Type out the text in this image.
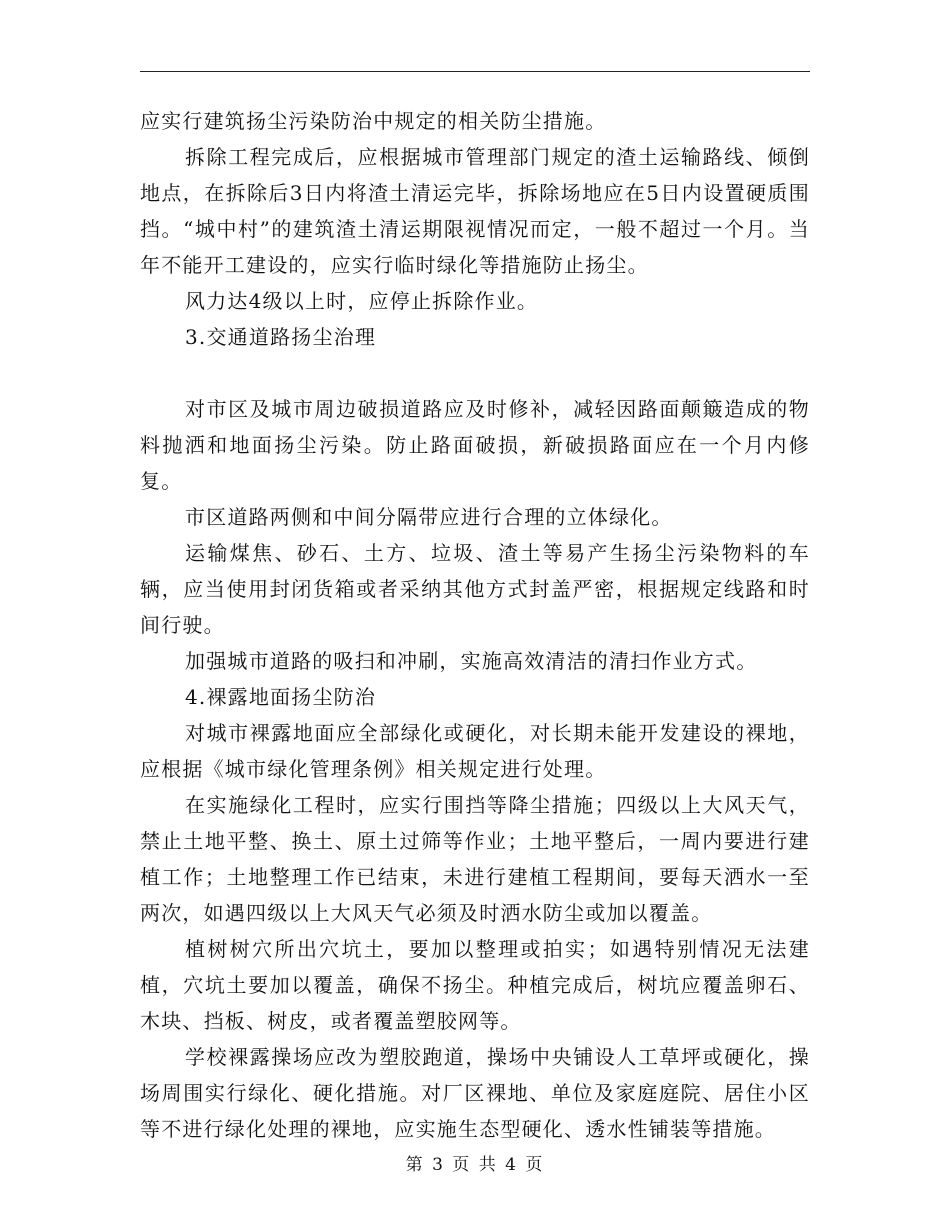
应实行建筑扬尘污染防治中规定的相关防尘措施。

拆除工程完成后，应根据城市管理部门规定的渣土运输路线、倾倒地点，在拆除后3日内将渣土清运完毕，拆除场地应在5日内设置硬质围挡。“城中村”的建筑渣土清运期限视情况而定，一般不超过一个月。当年不能开工建设的，应实行临时绿化等措施防止扬尘。

风力达4级以上时，应停止拆除作业。

3.交通道路扬尘治理

对市区及城市周边破损道路应及时修补，减轻因路面颠簸造成的物料抛洒和地面扬尘污染。防止路面破损，新破损路面应在一个月内修复。

市区道路两侧和中间分隔带应进行合理的立体绿化。

运输煤焦、砂石、土方、垃圾、渣土等易产生扬尘污染物料的车辆，应当使用封闭货箱或者采纳其他方式封盖严密，根据规定线路和时间行驶。

加强城市道路的吸扫和冲刷，实施高效清洁的清扫作业方式。

4.裸露地面扬尘防治

对城市裸露地面应全部绿化或硬化，对长期未能开发建设的裸地，应根据《城市绿化管理条例》相关规定进行处理。

在实施绿化工程时，应实行围挡等降尘措施；四级以上大风天气，禁止土地平整、换土、原土过筛等作业；土地平整后，一周内要进行建植工作；土地整理工作已结束，未进行建植工程期间，要每天洒水一至两次，如遇四级以上大风天气必须及时洒水防尘或加以覆盖。

植树树穴所出穴坑土，要加以整理或拍实；如遇特别情况无法建植，穴坑土要加以覆盖，确保不扬尘。种植完成后，树坑应覆盖卵石、木块、挡板、树皮，或者覆盖塑胶网等。

学校裸露操场应改为塑胶跑道，操场中央铺设人工草坪或硬化，操场周围实行绿化、硬化措施。对厂区裸地、单位及家庭庭院、居住小区等不进行绿化处理的裸地，应实施生态型硬化、透水性铺装等措施。

第 3 页 共 4 页
